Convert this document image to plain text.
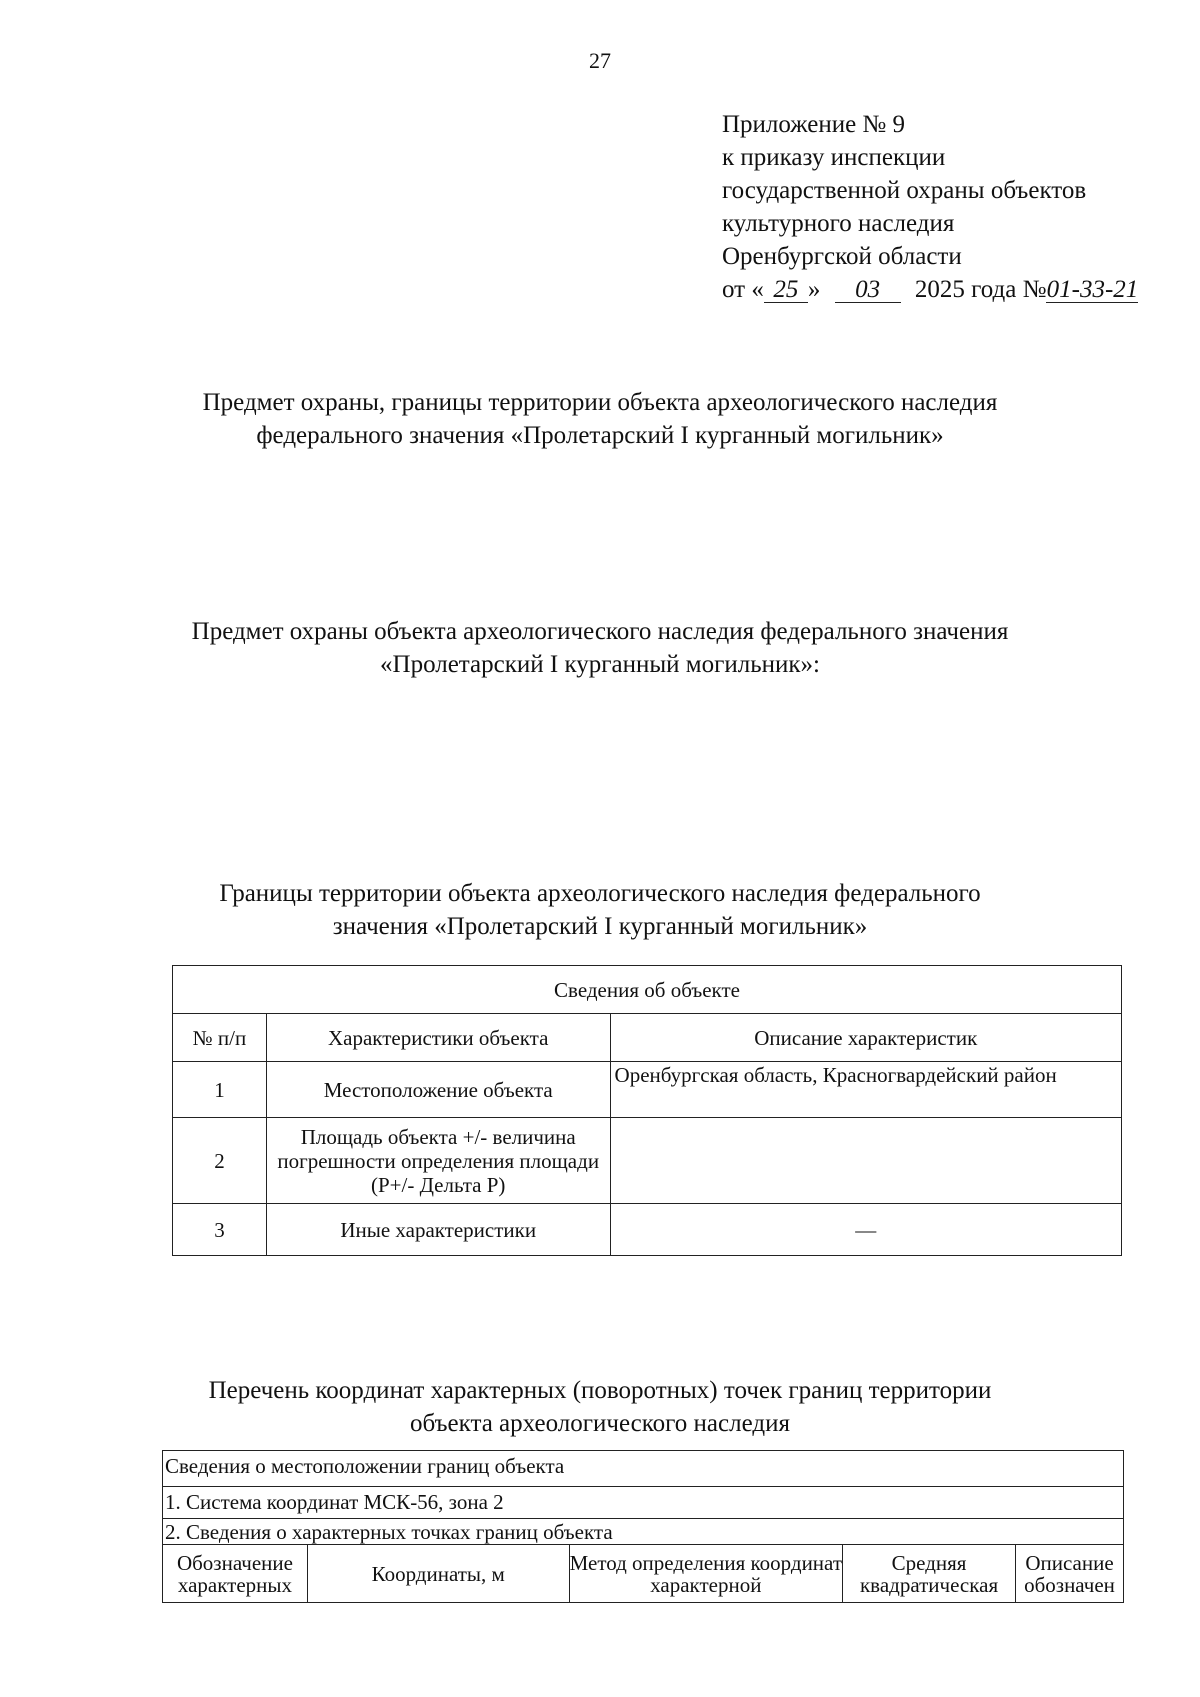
27
Приложение № 9
к приказу инспекции
государственной охраны объектов
культурного наследия
Оренбургской области
от « 25 » 03 2025 года №01-33-21
Предмет охраны, границы территории объекта археологического наследия
федерального значения «Пролетарский I курганный могильник»
Предмет охраны объекта археологического наследия федерального значения
«Пролетарский I курганный могильник»:
Границы территории объекта археологического наследия федерального
значения «Пролетарский I курганный могильник»
Сведения об объекте		
№ п/п	Характеристики объекта	Описание характеристик
1	Местоположение объекта	Оренбургская область, Красногвардейский район
2	Площадь объекта +/- величина погрешности определения площади (Р+/- Дельта Р)	
3	Иные характеристики	—
Перечень координат характерных (поворотных) точек границ территории
объекта археологического наследия
Сведения о местоположении границ объекта
1. Система координат МСК-56, зона 2
2. Сведения о характерных точках границ объекта
Обозначение характерных	Координаты, м	Метод определения координат характерной	Средняя квадратическая	Описание обозначен
